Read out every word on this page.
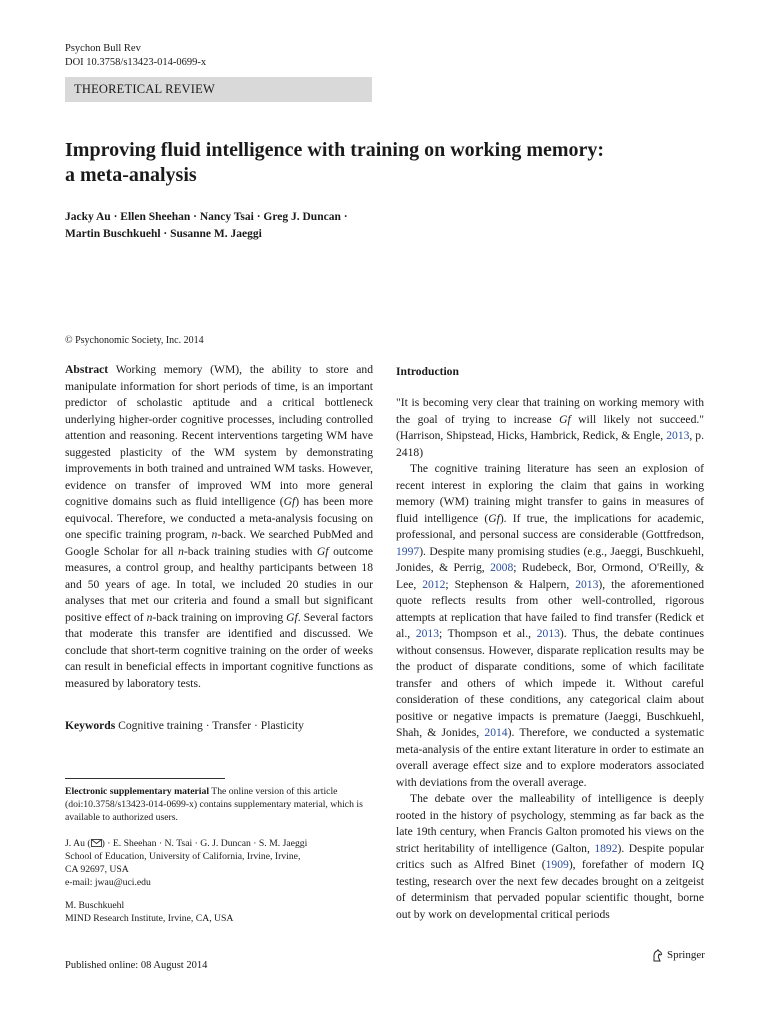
Psychon Bull Rev
DOI 10.3758/s13423-014-0699-x
THEORETICAL REVIEW
Improving fluid intelligence with training on working memory:
a meta-analysis
Jacky Au · Ellen Sheehan · Nancy Tsai · Greg J. Duncan ·
Martin Buschkuehl · Susanne M. Jaeggi
© Psychonomic Society, Inc. 2014
Abstract Working memory (WM), the ability to store and manipulate information for short periods of time, is an important predictor of scholastic aptitude and a critical bottleneck underlying higher-order cognitive processes, including controlled attention and reasoning. Recent interventions targeting WM have suggested plasticity of the WM system by demonstrating improvements in both trained and untrained WM tasks. However, evidence on transfer of improved WM into more general cognitive domains such as fluid intelligence (Gf) has been more equivocal. Therefore, we conducted a meta-analysis focusing on one specific training program, n-back. We searched PubMed and Google Scholar for all n-back training studies with Gf outcome measures, a control group, and healthy participants between 18 and 50 years of age. In total, we included 20 studies in our analyses that met our criteria and found a small but significant positive effect of n-back training on improving Gf. Several factors that moderate this transfer are identified and discussed. We conclude that short-term cognitive training on the order of weeks can result in beneficial effects in important cognitive functions as measured by laboratory tests.
Keywords Cognitive training · Transfer · Plasticity
Electronic supplementary material The online version of this article (doi:10.3758/s13423-014-0699-x) contains supplementary material, which is available to authorized users.
J. Au ( ) · E. Sheehan · N. Tsai · G. J. Duncan · S. M. Jaeggi
School of Education, University of California, Irvine, Irvine,
CA 92697, USA
e-mail: jwau@uci.edu
M. Buschkuehl
MIND Research Institute, Irvine, CA, USA
Published online: 08 August 2014
Springer
Introduction

"It is becoming very clear that training on working memory with the goal of trying to increase Gf will likely not succeed." (Harrison, Shipstead, Hicks, Hambrick, Redick, & Engle, 2013, p. 2418)

The cognitive training literature has seen an explosion of recent interest in exploring the claim that gains in working memory (WM) training might transfer to gains in measures of fluid intelligence (Gf). If true, the implications for academic, professional, and personal success are considerable (Gottfredson, 1997). Despite many promising studies (e.g., Jaeggi, Buschkuehl, Jonides, & Perrig, 2008; Rudebeck, Bor, Ormond, O'Reilly, & Lee, 2012; Stephenson & Halpern, 2013), the aforementioned quote reflects results from other well-controlled, rigorous attempts at replication that have failed to find transfer (Redick et al., 2013; Thompson et al., 2013). Thus, the debate continues without consensus. However, disparate replication results may be the product of disparate conditions, some of which facilitate transfer and others of which impede it. Without careful consideration of these conditions, any categorical claim about positive or negative impacts is premature (Jaeggi, Buschkuehl, Shah, & Jonides, 2014). Therefore, we conducted a systematic meta-analysis of the entire extant literature in order to estimate an overall average effect size and to explore moderators associated with deviations from the overall average.

The debate over the malleability of intelligence is deeply rooted in the history of psychology, stemming as far back as the late 19th century, when Francis Galton promoted his views on the strict heritability of intelligence (Galton, 1892). Despite popular critics such as Alfred Binet (1909), forefather of modern IQ testing, research over the next few decades brought on a zeitgeist of determinism that pervaded popular scientific thought, borne out by work on developmental critical periods
